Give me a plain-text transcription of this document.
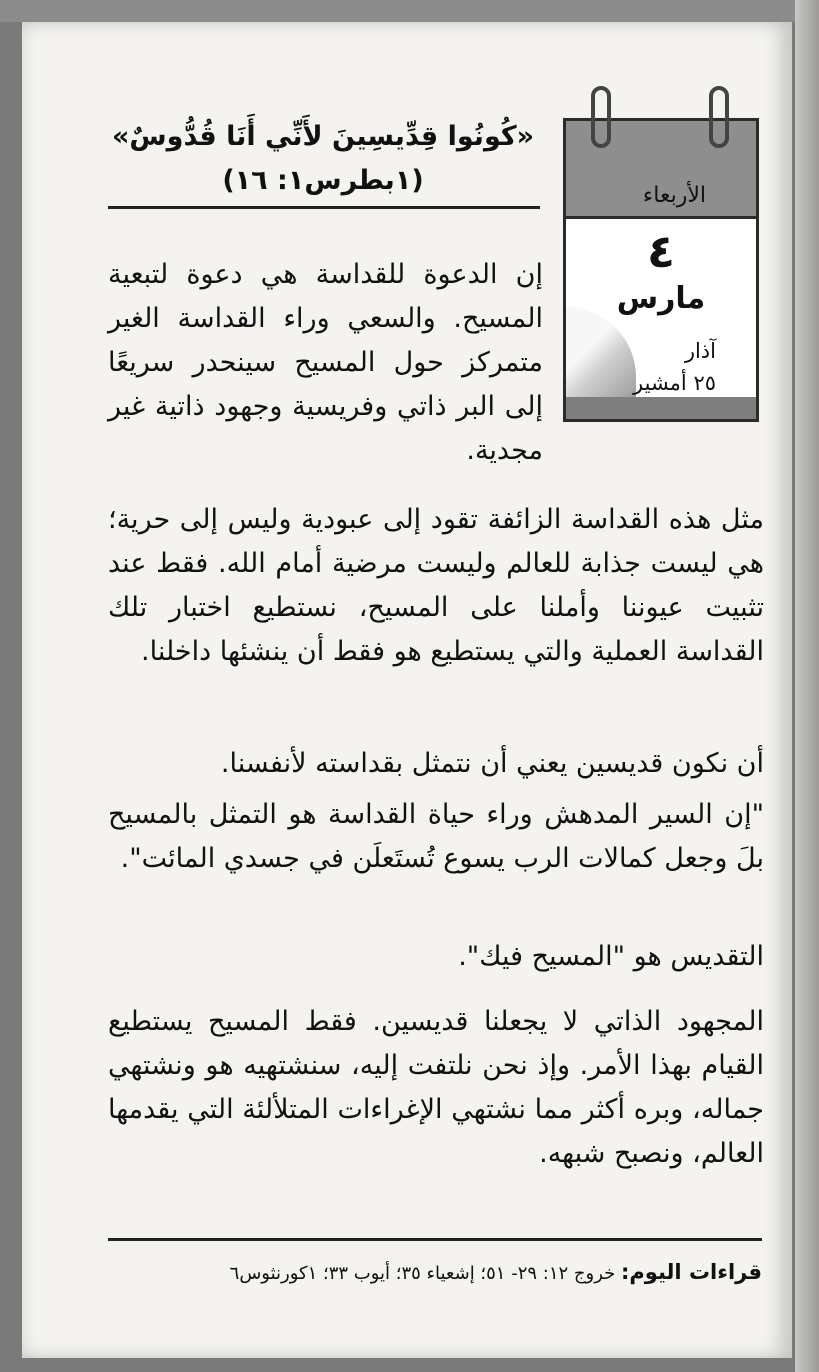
«كُونُوا قِدِّيسِينَ لأَنِّي أَنَا قُدُّوسٌ»
(١بطرس١: ١٦)	الأربعاء
٤
مارس
آذار
٢٥ أمشير
إن الدعوة للقداسة هي دعوة لتبعية المسيح. والسعي وراء القداسة الغير متمركز حول المسيح سينحدر سريعًا إلى البر ذاتي وفريسية وجهود ذاتية غير مجدية.
مثل هذه القداسة الزائفة تقود إلى عبودية وليس إلى حرية؛ هي ليست جذابة للعالم وليست مرضية أمام الله. فقط عند تثبيت عيوننا وأملنا على المسيح، نستطيع اختبار تلك القداسة العملية والتي يستطيع هو فقط أن ينشئها داخلنا.
أن نكون قديسين يعني أن نتمثل بقداسته لأنفسنا.
"إن السير المدهش وراء حياة القداسة هو التمثل بالمسيح بلَ وجعل كمالات الرب يسوع تُستَعلَن في جسدي المائت".
التقديس هو "المسيح فيك".
المجهود الذاتي لا يجعلنا قديسين. فقط المسيح يستطيع القيام بهذا الأمر. وإذ نحن نلتفت إليه، سنشتهيه هو ونشتهي جماله، وبره أكثر مما نشتهي الإغراءات المتلألئة التي يقدمها العالم، ونصبح شبهه.
قراءات اليوم: خروج ١٢: ٢٩- ٥١؛ إشعياء ٣٥؛ أيوب ٣٣؛ ١كورنثوس٦
